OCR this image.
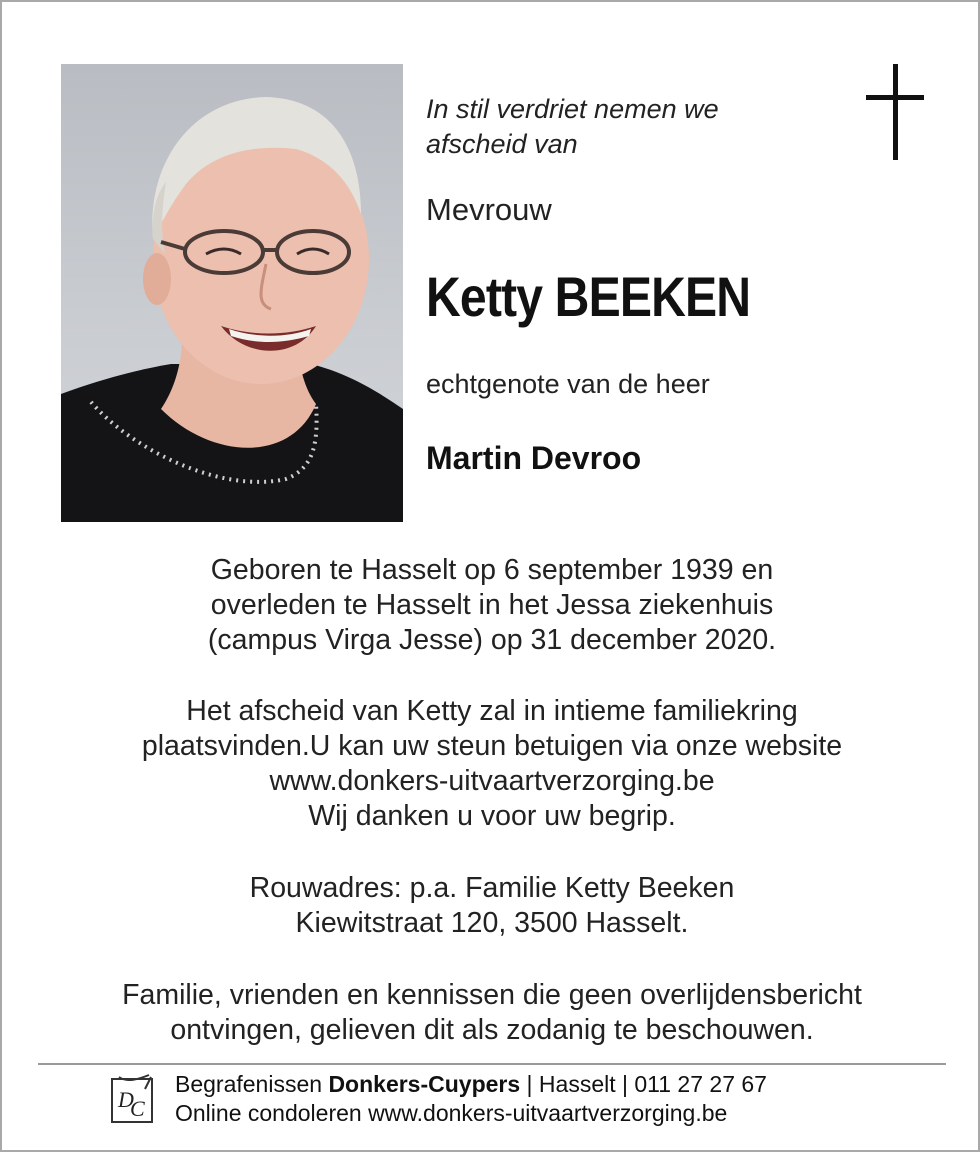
In stil verdriet nemen we
afscheid van
Mevrouw
Ketty BEEKEN
echtgenote van de heer
Martin Devroo
Geboren te Hasselt op 6 september 1939 en
overleden te Hasselt in het Jessa ziekenhuis
(campus Virga Jesse) op 31 december 2020.
Het afscheid van Ketty zal in intieme familiekring
plaatsvinden.U kan uw steun betuigen via onze website
www.donkers-uitvaartverzorging.be
Wij danken u voor uw begrip.
Rouwadres: p.a. Familie Ketty Beeken
Kiewitstraat 120, 3500 Hasselt.
Familie, vrienden en kennissen die geen overlijdensbericht
ontvingen, gelieven dit als zodanig te beschouwen.
D
C
Begrafenissen Donkers-Cuypers | Hasselt | 011 27 27 67
Online condoleren www.donkers-uitvaartverzorging.be
